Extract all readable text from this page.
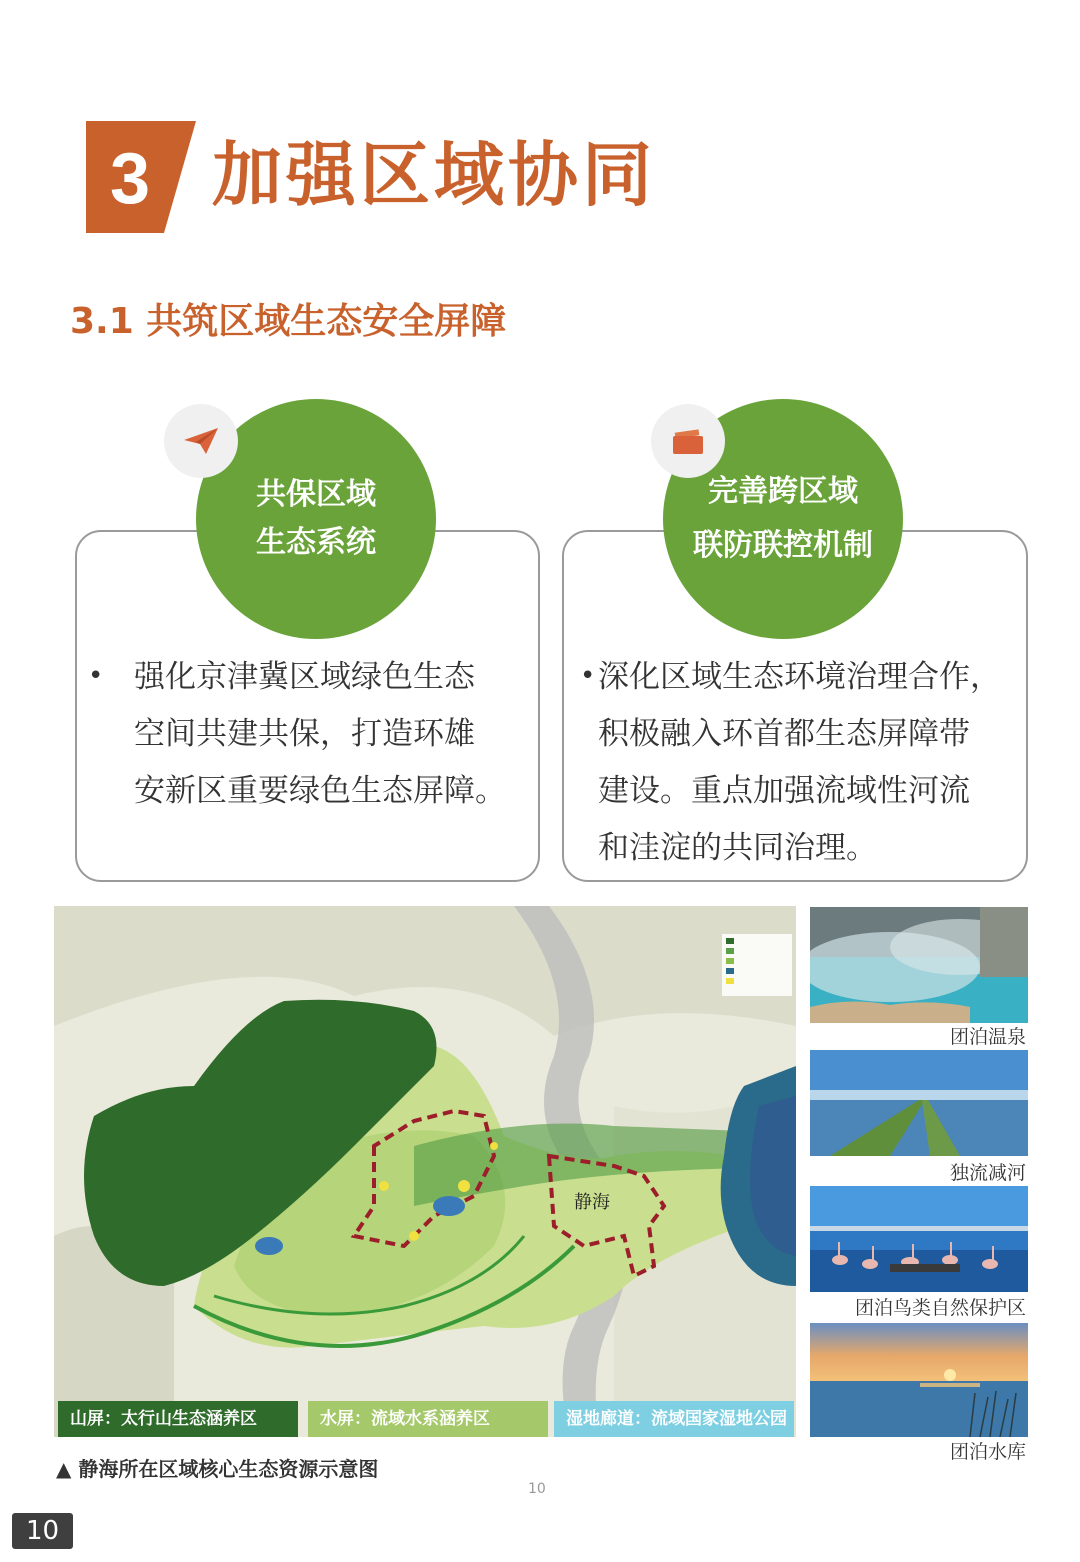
3 加强区域协同
3.1 共筑区域生态安全屏障
共保区域
生态系统
• 强化京津冀区域绿色生态
空间共建共保，打造环雄
安新区重要绿色生态屏障。
完善跨区域
联防联控机制
• 深化区域生态环境治理合作，
积极融入环首都生态屏障带
建设。重点加强流域性河流
和洼淀的共同治理。
静海
山屏：太行山生态涵养区	水屏：流域水系涵养区	湿地廊道：流域国家湿地公园
团泊温泉
独流减河
团泊鸟类自然保护区
团泊水库
▲ 静海所在区域核心生态资源示意图
10
10
